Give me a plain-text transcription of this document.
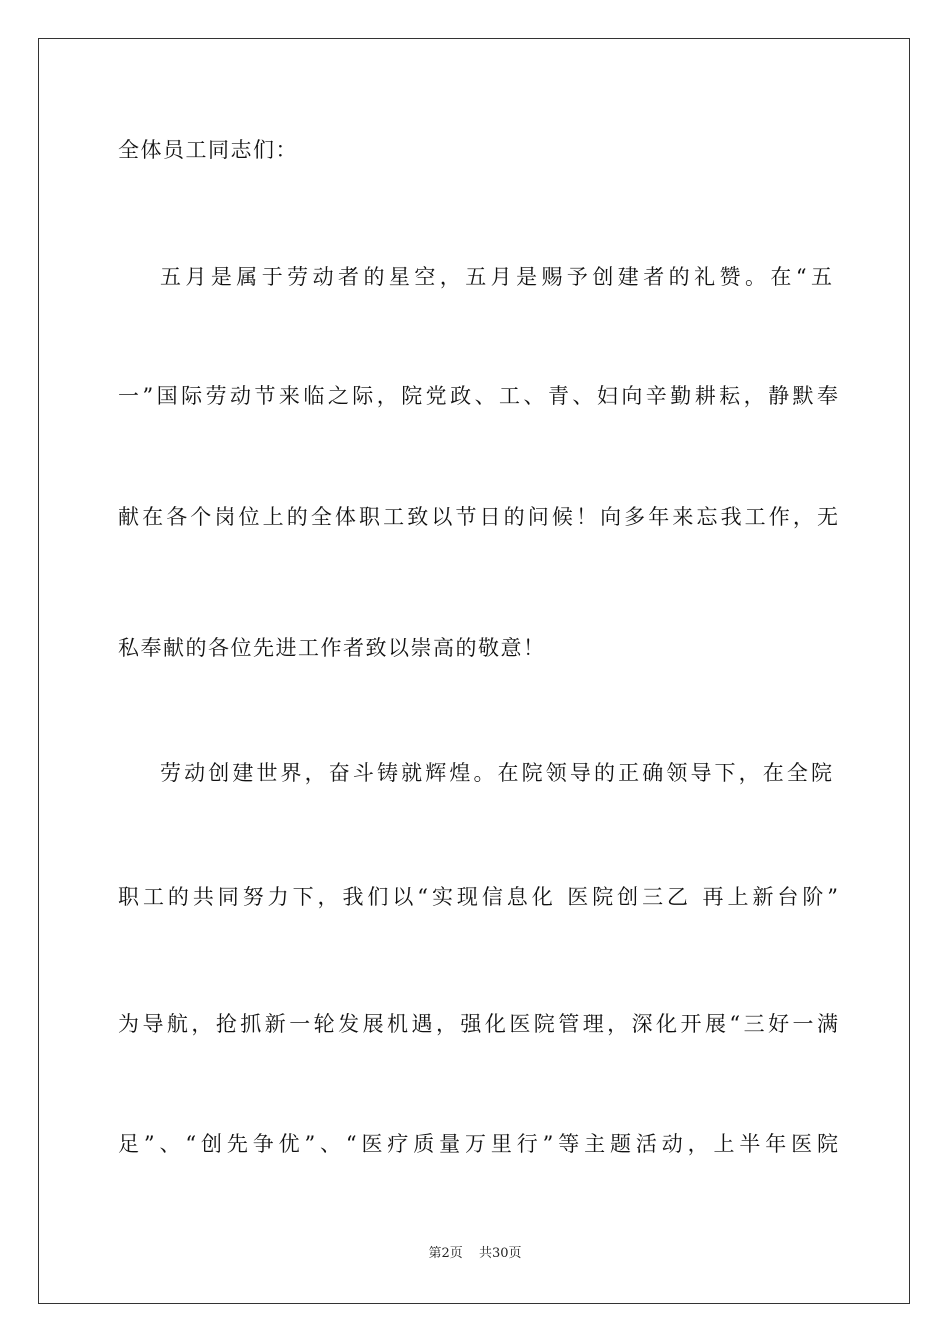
全体员工同志们：
五月是属于劳动者的星空，五月是赐予创建者的礼赞。在“五
一”国际劳动节来临之际，院党政、工、青、妇向辛勤耕耘，静默奉
献在各个岗位上的全体职工致以节日的问候！向多年来忘我工作，无
私奉献的各位先进工作者致以崇高的敬意！
劳动创建世界，奋斗铸就辉煌。在院领导的正确领导下，在全院
职工的共同努力下，我们以“实现信息化 医院创三乙 再上新台阶”
为导航，抢抓新一轮发展机遇，强化医院管理，深化开展“三好一满
足”、“创先争优”、“医疗质量万里行”等主题活动，上半年医院
第2页 共30页
